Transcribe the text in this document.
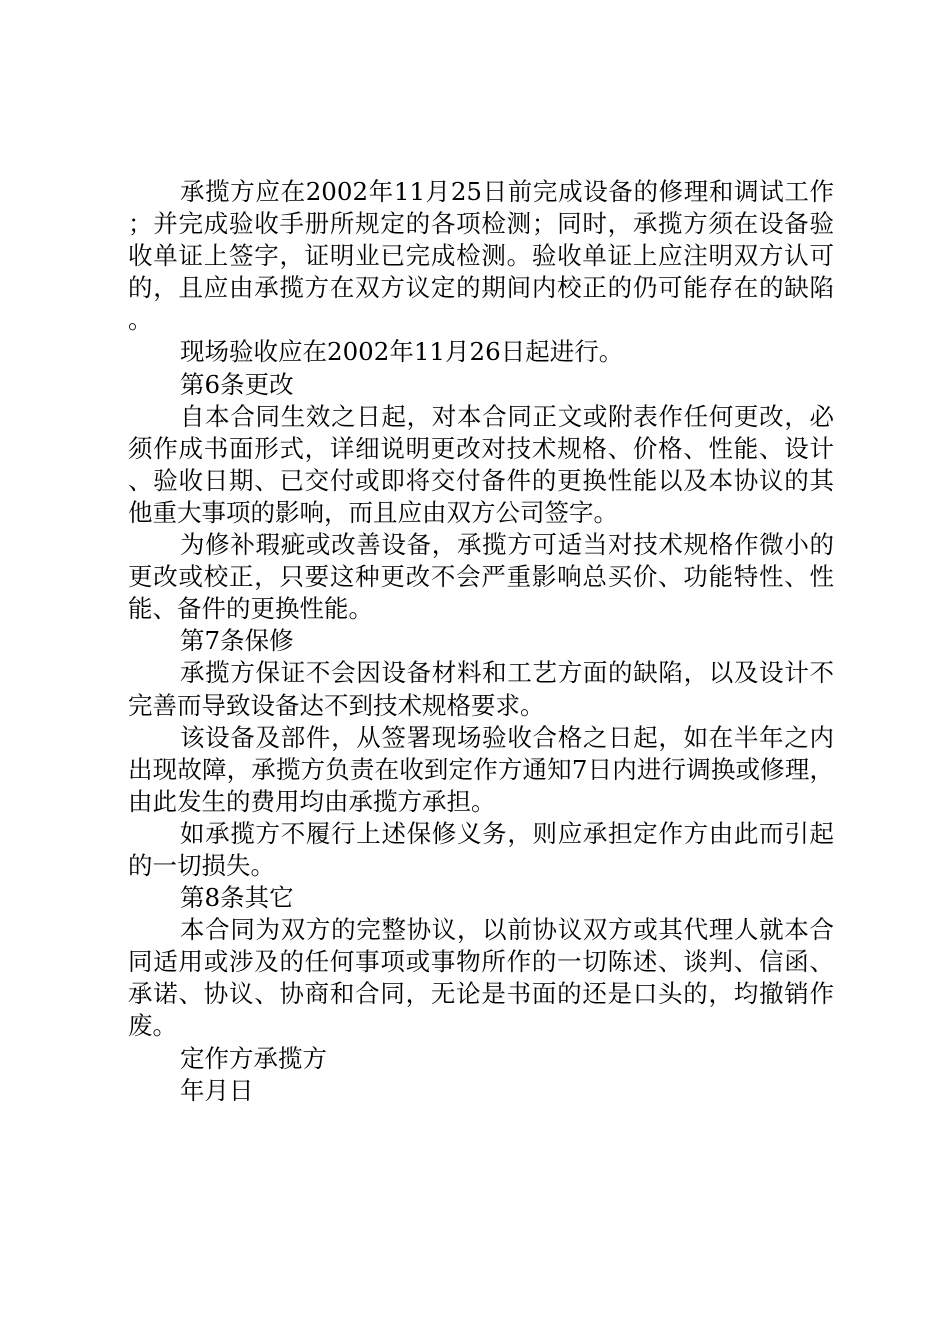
承揽方应在2002年11月25日前完成设备的修理和调试工作；并完成验收手册所规定的各项检测；同时，承揽方须在设备验收单证上签字，证明业已完成检测。验收单证上应注明双方认可的，且应由承揽方在双方议定的期间内校正的仍可能存在的缺陷。

现场验收应在2002年11月26日起进行。

第6条更改

自本合同生效之日起，对本合同正文或附表作任何更改，必须作成书面形式，详细说明更改对技术规格、价格、性能、设计、验收日期、已交付或即将交付备件的更换性能以及本协议的其他重大事项的影响，而且应由双方公司签字。

为修补瑕疵或改善设备，承揽方可适当对技术规格作微小的更改或校正，只要这种更改不会严重影响总买价、功能特性、性能、备件的更换性能。

第7条保修

承揽方保证不会因设备材料和工艺方面的缺陷，以及设计不完善而导致设备达不到技术规格要求。

该设备及部件，从签署现场验收合格之日起，如在半年之内出现故障，承揽方负责在收到定作方通知7日内进行调换或修理，由此发生的费用均由承揽方承担。

如承揽方不履行上述保修义务，则应承担定作方由此而引起的一切损失。

第8条其它

本合同为双方的完整协议，以前协议双方或其代理人就本合同适用或涉及的任何事项或事物所作的一切陈述、谈判、信函、承诺、协议、协商和合同，无论是书面的还是口头的，均撤销作废。

定作方承揽方

年月日
